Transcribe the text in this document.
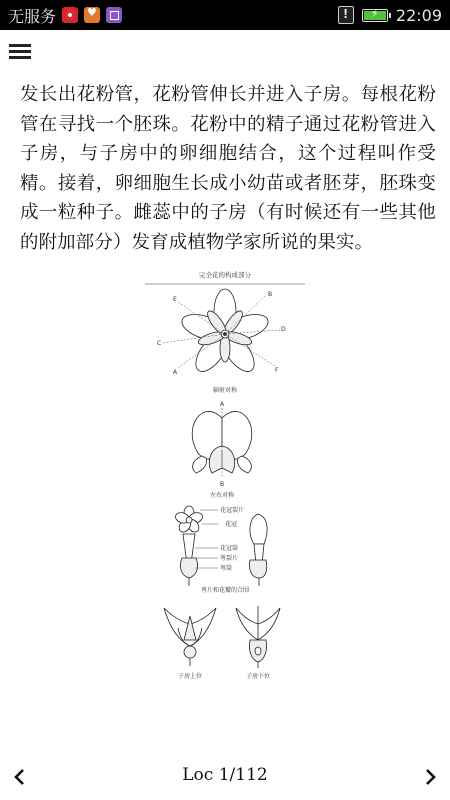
无服务 ♥ !	⚡ 22:09
发长出花粉管，花粉管伸长并进入子房。每根花粉管在寻找一个胚珠。花粉中的精子通过花粉管进入子房，与子房中的卵细胞结合，这个过程叫作受精。接着，卵细胞生长成小幼苗或者胚芽，胚珠变成一粒种子。雌蕊中的子房（有时候还有一些其他的附加部分）发育成植物学家所说的果实。
完全花的构成部分
E
B
C
D
A	F
辐射对称
A
B
左右对称
花冠裂片
花冠
花冠筒
萼裂片
萼筒
萼片和花瓣的合围
子房上位	子房下位
Loc 1/112
